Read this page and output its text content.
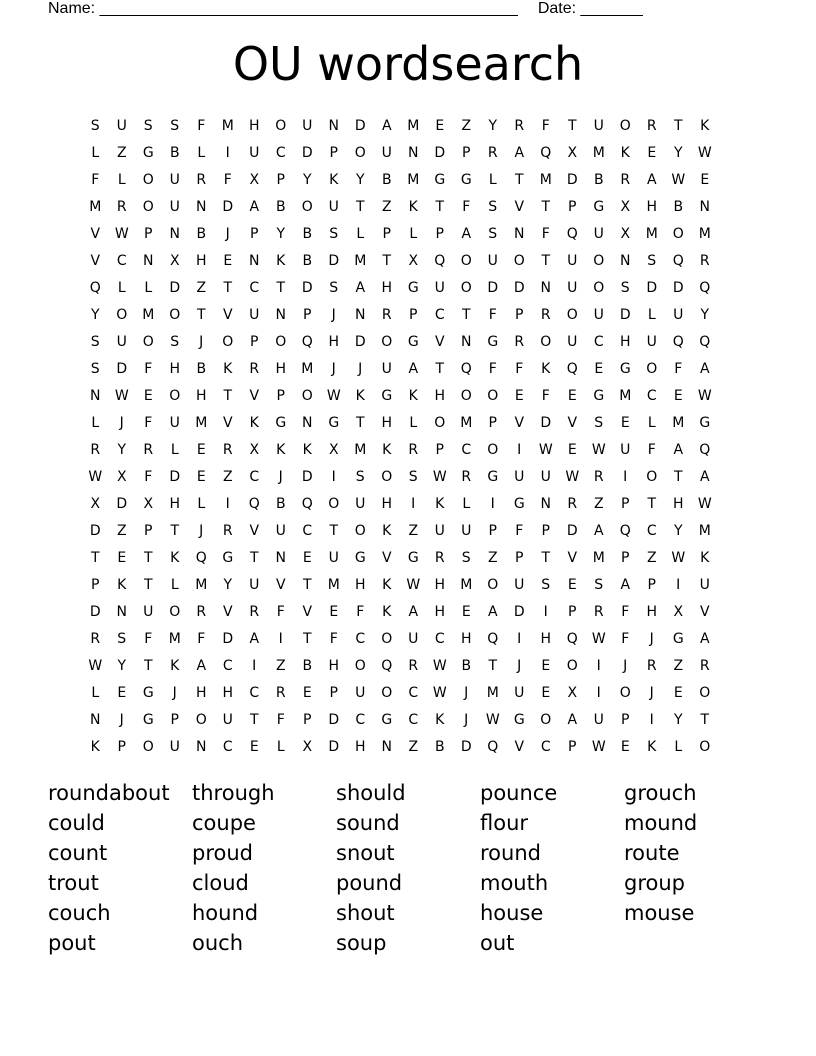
Name: _______________________________________________ Date: _______
OU wordsearch
S	U	S	S	F	M	H	O	U	N	D	A	M	E	Z	Y	R	F	T	U	O	R	T	K
L	Z	G	B	L	I	U	C	D	P	O	U	N	D	P	R	A	Q	X	M	K	E	Y	W
F	L	O	U	R	F	X	P	Y	K	Y	B	M	G	G	L	T	M	D	B	R	A	W	E
M	R	O	U	N	D	A	B	O	U	T	Z	K	T	F	S	V	T	P	G	X	H	B	N
V	W	P	N	B	J	P	Y	B	S	L	P	L	P	A	S	N	F	Q	U	X	M	O	M
V	C	N	X	H	E	N	K	B	D	M	T	X	Q	O	U	O	T	U	O	N	S	Q	R
Q	L	L	D	Z	T	C	T	D	S	A	H	G	U	O	D	D	N	U	O	S	D	D	Q
Y	O	M	O	T	V	U	N	P	J	N	R	P	C	T	F	P	R	O	U	D	L	U	Y
S	U	O	S	J	O	P	O	Q	H	D	O	G	V	N	G	R	O	U	C	H	U	Q	Q
S	D	F	H	B	K	R	H	M	J	J	U	A	T	Q	F	F	K	Q	E	G	O	F	A
N	W	E	O	H	T	V	P	O	W	K	G	K	H	O	O	E	F	E	G	M	C	E	W
L	J	F	U	M	V	K	G	N	G	T	H	L	O	M	P	V	D	V	S	E	L	M	G
R	Y	R	L	E	R	X	K	K	X	M	K	R	P	C	O	I	W	E	W	U	F	A	Q
W	X	F	D	E	Z	C	J	D	I	S	O	S	W	R	G	U	U	W	R	I	O	T	A
X	D	X	H	L	I	Q	B	Q	O	U	H	I	K	L	I	G	N	R	Z	P	T	H	W
D	Z	P	T	J	R	V	U	C	T	O	K	Z	U	U	P	F	P	D	A	Q	C	Y	M
T	E	T	K	Q	G	T	N	E	U	G	V	G	R	S	Z	P	T	V	M	P	Z	W	K
P	K	T	L	M	Y	U	V	T	M	H	K	W	H	M	O	U	S	E	S	A	P	I	U
D	N	U	O	R	V	R	F	V	E	F	K	A	H	E	A	D	I	P	R	F	H	X	V
R	S	F	M	F	D	A	I	T	F	C	O	U	C	H	Q	I	H	Q	W	F	J	G	A
W	Y	T	K	A	C	I	Z	B	H	O	Q	R	W	B	T	J	E	O	I	J	R	Z	R
L	E	G	J	H	H	C	R	E	P	U	O	C	W	J	M	U	E	X	I	O	J	E	O
N	J	G	P	O	U	T	F	P	D	C	G	C	K	J	W	G	O	A	U	P	I	Y	T
K	P	O	U	N	C	E	L	X	D	H	N	Z	B	D	Q	V	C	P	W	E	K	L	O
roundabout
could
count
trout
couch
pout
through
coupe
proud
cloud
hound
ouch
should
sound
snout
pound
shout
soup
pounce
flour
round
mouth
house
out
grouch
mound
route
group
mouse
